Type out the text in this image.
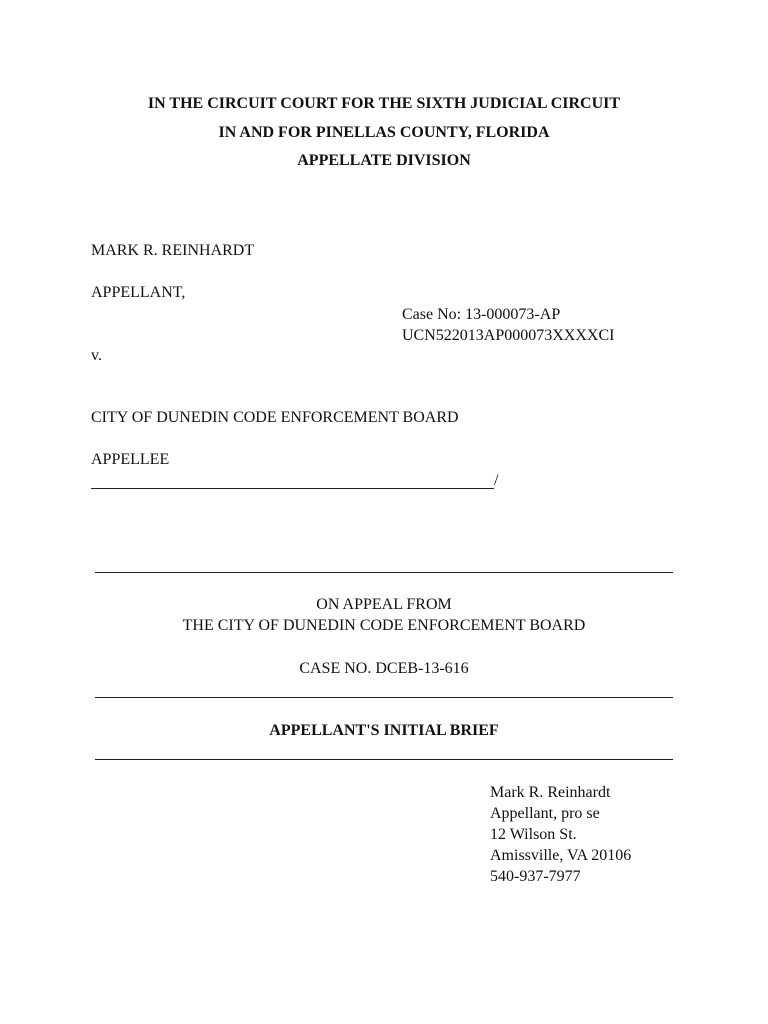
IN THE CIRCUIT COURT FOR THE SIXTH JUDICIAL CIRCUIT
IN AND FOR PINELLAS COUNTY, FLORIDA
APPELLATE DIVISION
MARK R. REINHARDT
APPELLANT,
Case No: 13-000073-AP
UCN522013AP000073XXXXCI
v.
CITY OF DUNEDIN CODE ENFORCEMENT BOARD
APPELLEE
/
ON APPEAL FROM
THE CITY OF DUNEDIN CODE ENFORCEMENT BOARD
CASE NO. DCEB-13-616
APPELLANT'S INITIAL BRIEF
Mark R. Reinhardt
Appellant, pro se
12 Wilson St.
Amissville, VA 20106
540-937-7977
